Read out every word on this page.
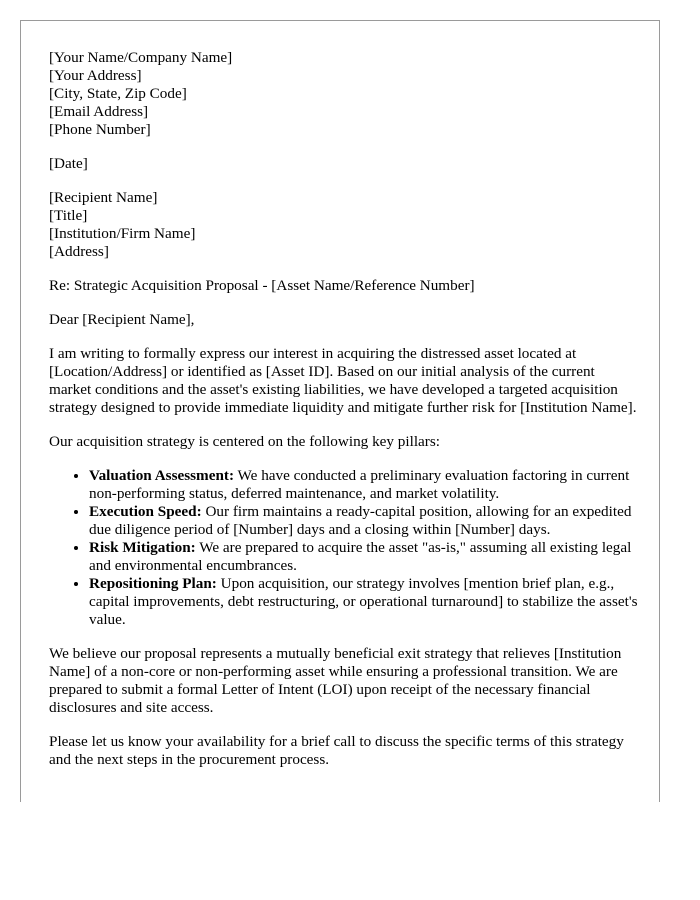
[Your Name/Company Name]
[Your Address]
[City, State, Zip Code]
[Email Address]
[Phone Number]
[Date]
[Recipient Name]
[Title]
[Institution/Firm Name]
[Address]

Re: Strategic Acquisition Proposal - [Asset Name/Reference Number]

Dear [Recipient Name],

I am writing to formally express our interest in acquiring the distressed asset located at [Location/Address] or identified as [Asset ID]. Based on our initial analysis of the current market conditions and the asset's existing liabilities, we have developed a targeted acquisition strategy designed to provide immediate liquidity and mitigate further risk for [Institution Name].

Our acquisition strategy is centered on the following key pillars:

• Valuation Assessment: We have conducted a preliminary evaluation factoring in current non-performing status, deferred maintenance, and market volatility.
• Execution Speed: Our firm maintains a ready-capital position, allowing for an expedited due diligence period of [Number] days and a closing within [Number] days.
• Risk Mitigation: We are prepared to acquire the asset "as-is," assuming all existing legal and environmental encumbrances.
• Repositioning Plan: Upon acquisition, our strategy involves [mention brief plan, e.g., capital improvements, debt restructuring, or operational turnaround] to stabilize the asset's value.

We believe our proposal represents a mutually beneficial exit strategy that relieves [Institution Name] of a non-core or non-performing asset while ensuring a professional transition. We are prepared to submit a formal Letter of Intent (LOI) upon receipt of the necessary financial disclosures and site access.

Please let us know your availability for a brief call to discuss the specific terms of this strategy and the next steps in the procurement process.
